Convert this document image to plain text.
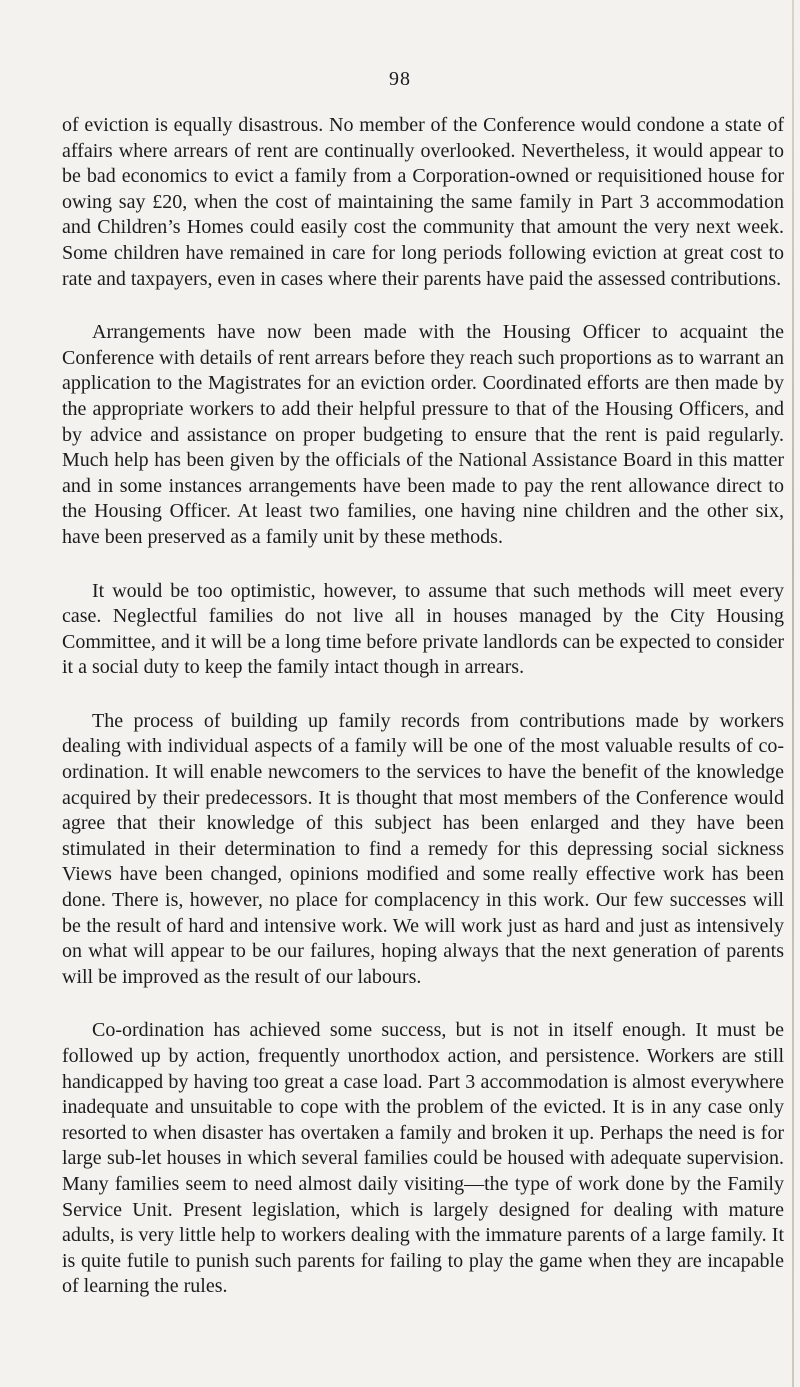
98

of eviction is equally disastrous. No member of the Conference would condone a state of affairs where arrears of rent are continually overlooked. Nevertheless, it would appear to be bad economics to evict a family from a Corporation-owned or requisitioned house for owing say £20, when the cost of maintaining the same family in Part 3 accommodation and Children’s Homes could easily cost the community that amount the very next week. Some children have remained in care for long periods following eviction at great cost to rate and taxpayers, even in cases where their parents have paid the assessed contributions.

Arrangements have now been made with the Housing Officer to acquaint the Conference with details of rent arrears before they reach such proportions as to warrant an application to the Magistrates for an eviction order. Coordinated efforts are then made by the appropriate workers to add their helpful pressure to that of the Housing Officers, and by advice and assistance on proper budgeting to ensure that the rent is paid regularly. Much help has been given by the officials of the National Assistance Board in this matter and in some instances arrangements have been made to pay the rent allowance direct to the Housing Officer. At least two families, one having nine children and the other six, have been preserved as a family unit by these methods.

It would be too optimistic, however, to assume that such methods will meet every case. Neglectful families do not live all in houses managed by the City Housing Committee, and it will be a long time before private landlords can be expected to consider it a social duty to keep the family intact though in arrears.

The process of building up family records from contributions made by workers dealing with individual aspects of a family will be one of the most valuable results of co-ordination. It will enable newcomers to the services to have the benefit of the knowledge acquired by their predecessors. It is thought that most members of the Conference would agree that their knowledge of this subject has been enlarged and they have been stimulated in their determination to find a remedy for this depressing social sickness Views have been changed, opinions modified and some really effective work has been done. There is, however, no place for complacency in this work. Our few successes will be the result of hard and intensive work. We will work just as hard and just as intensively on what will appear to be our failures, hoping always that the next generation of parents will be improved as the result of our labours.

Co-ordination has achieved some success, but is not in itself enough. It must be followed up by action, frequently unorthodox action, and persistence. Workers are still handicapped by having too great a case load. Part 3 accommodation is almost everywhere inadequate and unsuitable to cope with the problem of the evicted. It is in any case only resorted to when disaster has overtaken a family and broken it up. Perhaps the need is for large sub-let houses in which several families could be housed with adequate supervision. Many families seem to need almost daily visiting—the type of work done by the Family Service Unit. Present legislation, which is largely designed for dealing with mature adults, is very little help to workers dealing with the immature parents of a large family. It is quite futile to punish such parents for failing to play the game when they are incapable of learning the rules.
